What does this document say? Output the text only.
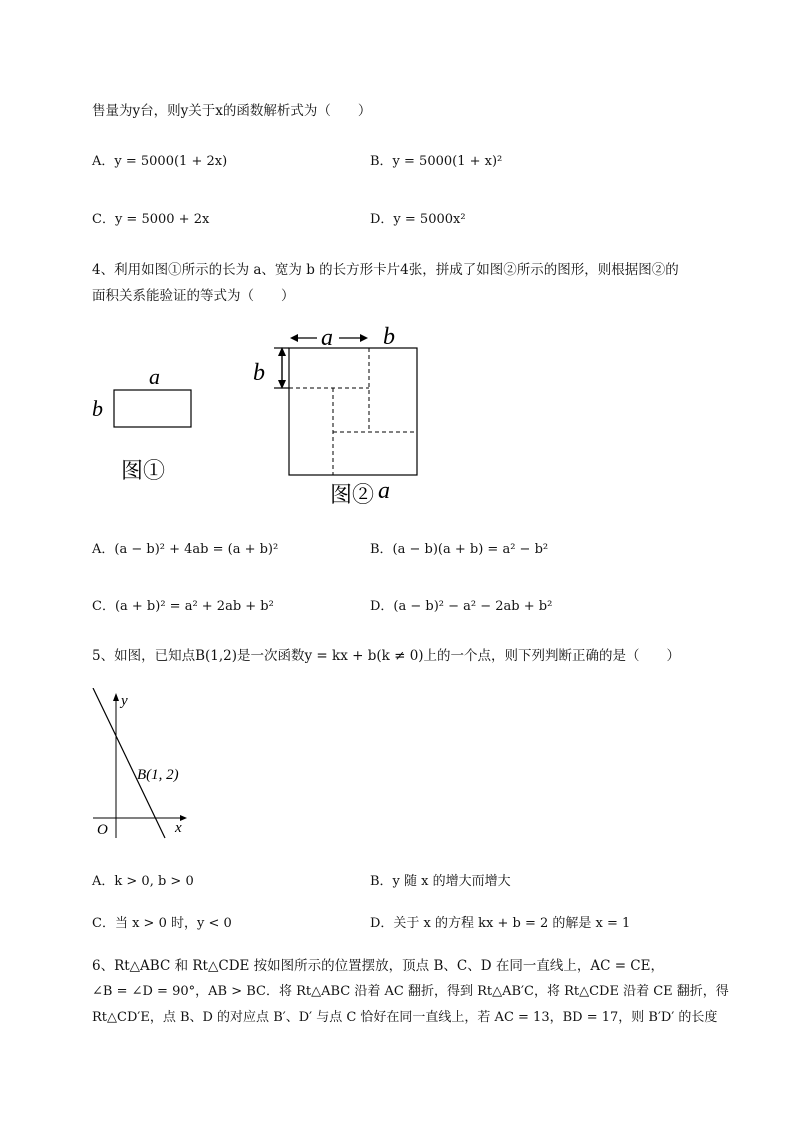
售量为y台，则y关于x的函数解析式为（　　）
A．y = 5000(1 + 2x)	B．y = 5000(1 + x)²
C．y = 5000 + 2x	D．y = 5000x²
4、利用如图①所示的长为 a、宽为 b 的长方形卡片4张，拼成了如图②所示的图形，则根据图②的
面积关系能验证的等式为（　　）
a
b
图①
a b
b
图② a
A．(a − b)² + 4ab = (a + b)²	B．(a − b)(a + b) = a² − b²
C．(a + b)² = a² + 2ab + b²	D．(a − b)² − a² − 2ab + b²
5、如图，已知点B(1,2)是一次函数y = kx + b(k ≠ 0)上的一个点，则下列判断正确的是（　　）
y
x
O
B(1, 2)
A．k > 0, b > 0	B．y 随 x 的增大而增大
C．当 x > 0 时，y < 0	D．关于 x 的方程 kx + b = 2 的解是 x = 1
6、Rt△ABC 和 Rt△CDE 按如图所示的位置摆放，顶点 B、C、D 在同一直线上，AC = CE，
∠B = ∠D = 90°，AB > BC．将 Rt△ABC 沿着 AC 翻折，得到 Rt△AB′C，将 Rt△CDE 沿着 CE 翻折，得
Rt△CD′E，点 B、D 的对应点 B′、D′ 与点 C 恰好在同一直线上，若 AC = 13，BD = 17，则 B′D′ 的长度
